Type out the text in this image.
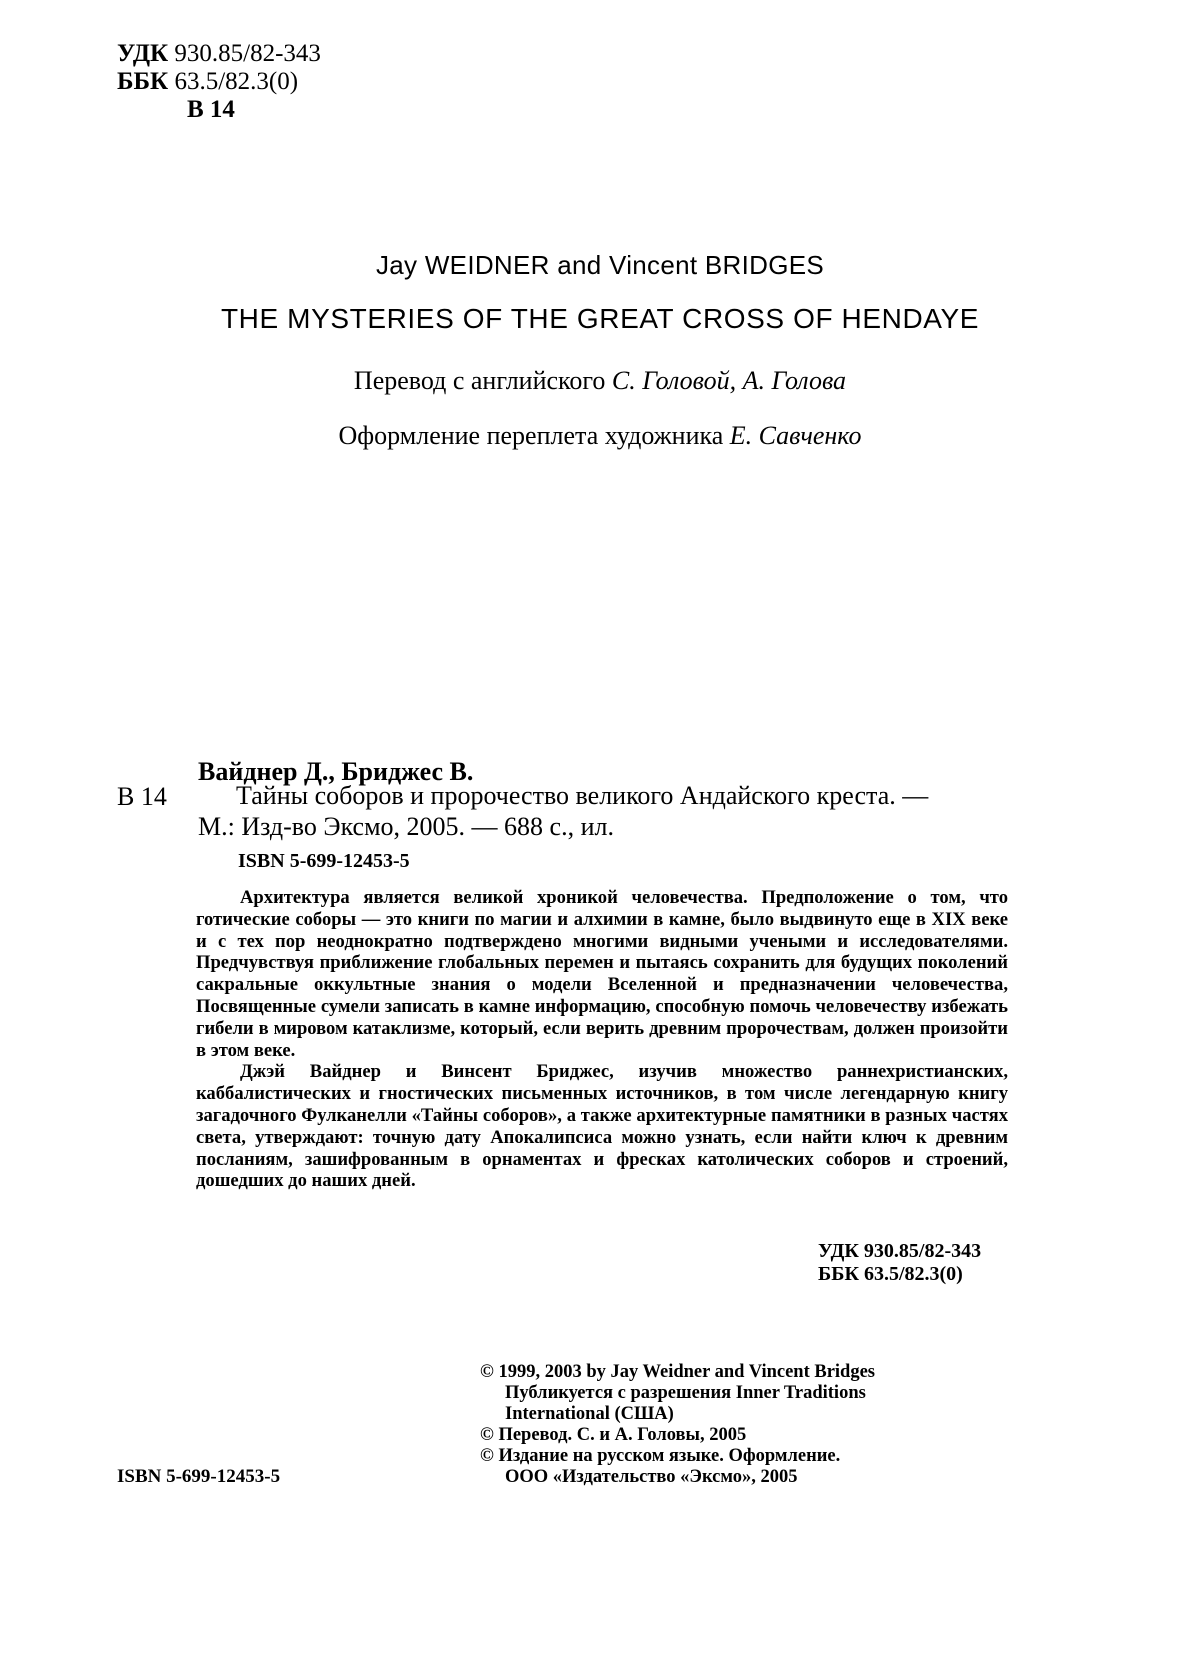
УДК 930.85/82-343
ББК 63.5/82.3(0)
В 14
Jay WEIDNER and Vincent BRIDGES
THE MYSTERIES OF THE GREAT CROSS OF HENDAYE
Перевод с английского С. Головой, А. Голова
Оформление переплета художника Е. Савченко
Вайднер Д., Бриджес В.
В 14	Тайны соборов и пророчество великого Андайского креста. —
М.: Изд-во Эксмо, 2005. — 688 с., ил.
ISBN 5-699-12453-5

Архитектура является великой хроникой человечества. Предположение о том, что готические соборы — это книги по магии и алхимии в камне, было выдвинуто еще в XIX веке и с тех пор неоднократно подтверждено многими видными учеными и исследователями. Предчувствуя приближение глобальных перемен и пытаясь сохранить для будущих поколений сакральные оккультные знания о модели Вселенной и предназначении человечества, Посвященные сумели записать в камне информацию, способную помочь человечеству избежать гибели в мировом катаклизме, который, если верить древним пророчествам, должен произойти в этом веке.

Джэй Вайднер и Винсент Бриджес, изучив множество раннехристианских, каббалистических и гностических письменных источников, в том числе легендарную книгу загадочного Фулканелли «Тайны соборов», а также архитектурные памятники в разных частях света, утверждают: точную дату Апокалипсиса можно узнать, если найти ключ к древним посланиям, зашифрованным в орнаментах и фресках католических соборов и строений, дошедших до наших дней.

УДК 930.85/82-343
ББК 63.5/82.3(0)
© 1999, 2003 by Jay Weidner and Vincent Bridges
Публикуется с разрешения Inner Traditions
International (США)
© Перевод. С. и А. Головы, 2005
© Издание на русском языке. Оформление.
ООО «Издательство «Эксмо», 2005
ISBN 5-699-12453-5
